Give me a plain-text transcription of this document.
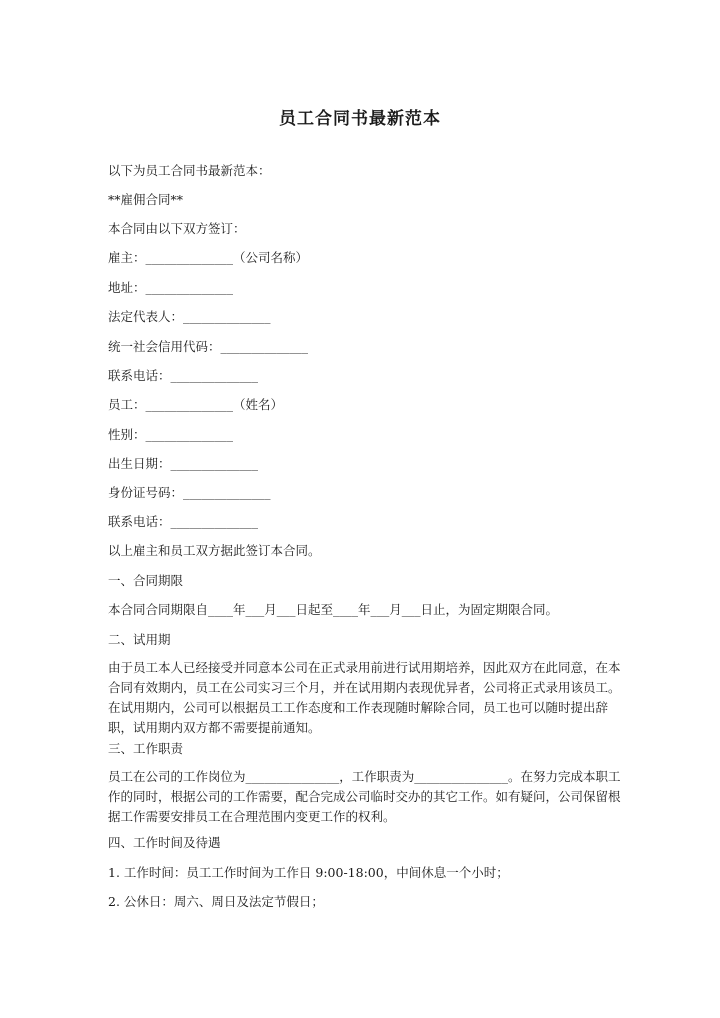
员工合同书最新范本
以下为员工合同书最新范本：
**雇佣合同**
本合同由以下双方签订：
雇主：______________（公司名称）
地址：______________
法定代表人：______________
统一社会信用代码：______________
联系电话：______________
员工：______________（姓名）
性别：______________
出生日期：______________
身份证号码：______________
联系电话：______________
以上雇主和员工双方据此签订本合同。
一、合同期限
本合同合同期限自____年___月___日起至____年___月___日止，为固定期限合同。
二、试用期
由于员工本人已经接受并同意本公司在正式录用前进行试用期培养，因此双方在此同意，在本合同有效期内，员工在公司实习三个月，并在试用期内表现优异者，公司将正式录用该员工。在试用期内，公司可以根据员工工作态度和工作表现随时解除合同，员工也可以随时提出辞职，试用期内双方都不需要提前通知。
三、工作职责
员工在公司的工作岗位为_______________，工作职责为_______________。在努力完成本职工作的同时，根据公司的工作需要，配合完成公司临时交办的其它工作。如有疑问，公司保留根据工作需要安排员工在合理范围内变更工作的权利。
四、工作时间及待遇
1. 工作时间：员工工作时间为工作日 9:00-18:00，中间休息一个小时；
2. 公休日：周六、周日及法定节假日；
